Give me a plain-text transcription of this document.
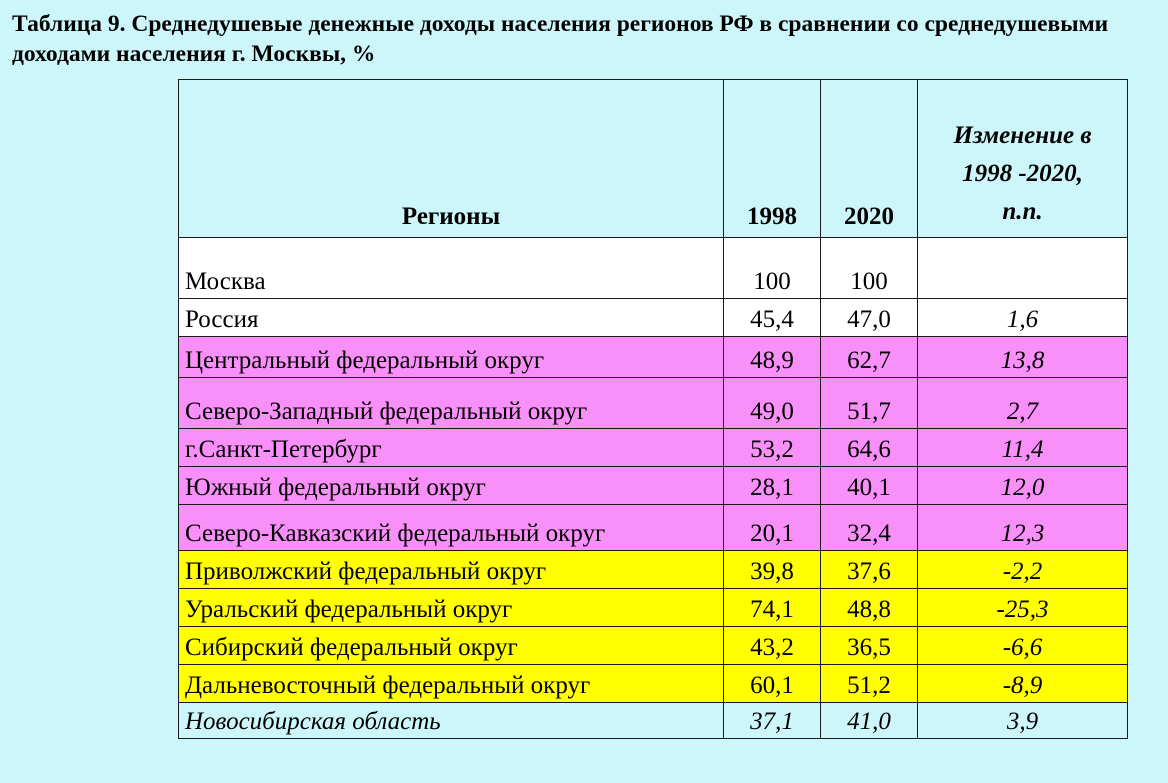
Таблица 9. Среднедушевые денежные доходы населения регионов РФ в сравнении со среднедушевыми доходами населения г. Москвы, %
Регионы	1998	2020	Изменение в
1998 -2020,
п.п.
Москва	100	100	
Россия	45,4	47,0	1,6
Центральный федеральный округ	48,9	62,7	13,8
Северо-Западный федеральный округ	49,0	51,7	2,7
г.Санкт-Петербург	53,2	64,6	11,4
Южный федеральный округ	28,1	40,1	12,0
Северо-Кавказский федеральный округ	20,1	32,4	12,3
Приволжский федеральный округ	39,8	37,6	-2,2
Уральский федеральный округ	74,1	48,8	-25,3
Сибирский федеральный округ	43,2	36,5	-6,6
Дальневосточный федеральный округ	60,1	51,2	-8,9
Новосибирская область	37,1	41,0	3,9
